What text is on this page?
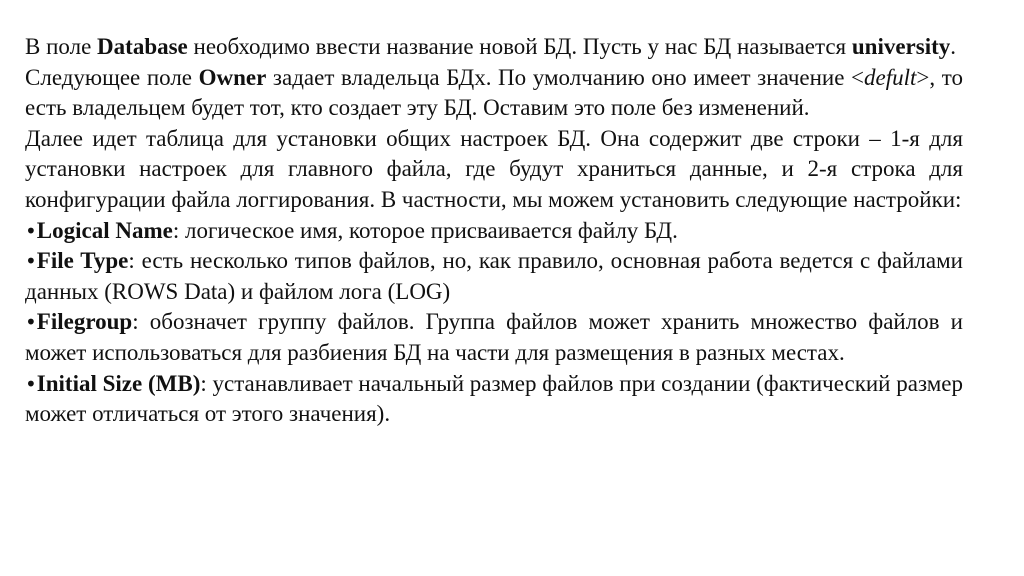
В поле Database необходимо ввести название новой БД. Пусть у нас БД называется university.

Следующее поле Owner задает владельца БДх. По умолчанию оно имеет значение <defult>, то есть владельцем будет тот, кто создает эту БД. Оставим это поле без изменений.

Далее идет таблица для установки общих настроек БД. Она содержит две строки – 1-я для установки настроек для главного файла, где будут храниться данные, и 2-я строка для конфигурации файла логгирования. В частности, мы можем установить следующие настройки:

•Logical Name: логическое имя, которое присваивается файлу БД.

•File Type: есть несколько типов файлов, но, как правило, основная работа ведется с файлами данных (ROWS Data) и файлом лога (LOG)

•Filegroup: обозначет группу файлов. Группа файлов может хранить множество файлов и может использоваться для разбиения БД на части для размещения в разных местах.

•Initial Size (MB): устанавливает начальный размер файлов при создании (фактический размер может отличаться от этого значения).
